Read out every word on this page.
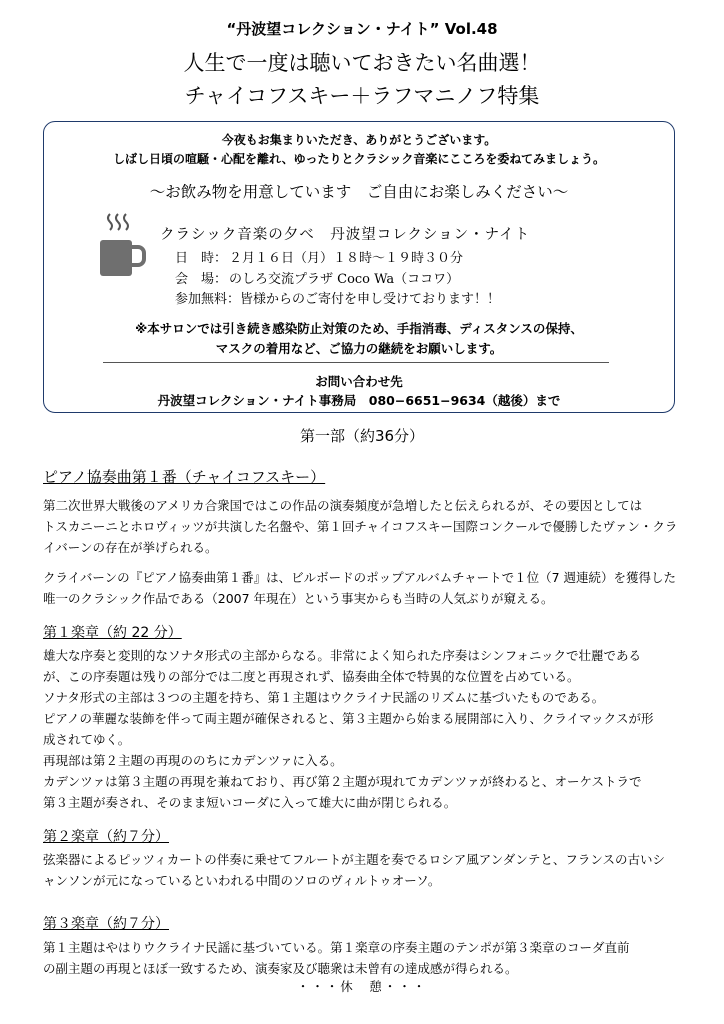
“丹波望コレクション・ナイト” Vol.48
人生で一度は聴いておきたい名曲選！
チャイコフスキー＋ラフマニノフ特集
今夜もお集まりいただき、ありがとうございます。
しばし日頃の喧騒・心配を離れ、ゆったりとクラシック音楽にこころを委ねてみましょう。
〜お飲み物を用意しています　ご自由にお楽しみください〜
クラシック音楽の夕べ　丹波望コレクション・ナイト
日　時： ２月１６日（月）１８時〜１９時３０分
会　場： のしろ交流プラザ Coco Wa（ココワ）
参加無料：皆様からのご寄付を申し受けております！！
※本サロンでは引き続き感染防止対策のため、手指消毒、ディスタンスの保持、
マスクの着用など、ご協力の継続をお願いします。
お問い合わせ先
丹波望コレクション・ナイト事務局　080−6651−9634（越後）まで
第一部（約36分）
ピアノ協奏曲第１番（チャイコフスキー）

第二次世界大戦後のアメリカ合衆国ではこの作品の演奏頻度が急増したと伝えられるが、その要因としては

トスカニーニとホロヴィッツが共演した名盤や、第１回チャイコフスキー国際コンクールで優勝したヴァン・クラ

イバーンの存在が挙げられる。

クライバーンの『ピアノ協奏曲第１番』は、ビルボードのポップアルバムチャートで１位（7 週連続）を獲得した

唯一のクラシック作品である（2007 年現在）という事実からも当時の人気ぶりが窺える。

第１楽章（約 22 分）

雄大な序奏と変則的なソナタ形式の主部からなる。非常によく知られた序奏はシンフォニックで壮麗である

が、この序奏題は残りの部分では二度と再現されず、協奏曲全体で特異的な位置を占めている。

ソナタ形式の主部は３つの主題を持ち、第１主題はウクライナ民謡のリズムに基づいたものである。

ピアノの華麗な装飾を伴って両主題が確保されると、第３主題から始まる展開部に入り、クライマックスが形

成されてゆく。

再現部は第２主題の再現ののちにカデンツァに入る。

カデンツァは第３主題の再現を兼ねており、再び第２主題が現れてカデンツァが終わると、オーケストラで

第３主題が奏され、そのまま短いコーダに入って雄大に曲が閉じられる。

第２楽章（約７分）

弦楽器によるピッツィカートの伴奏に乗せてフルートが主題を奏でるロシア風アンダンテと、フランスの古いシ

ャンソンが元になっているといわれる中間のソロのヴィルトゥオーソ。

第３楽章（約７分）

第１主題はやはりウクライナ民謡に基づいている。第１楽章の序奏主題のテンポが第３楽章のコーダ直前

の副主題の再現とほぼ一致するため、演奏家及び聴衆は未曾有の達成感が得られる。

・・・休　憩・・・
